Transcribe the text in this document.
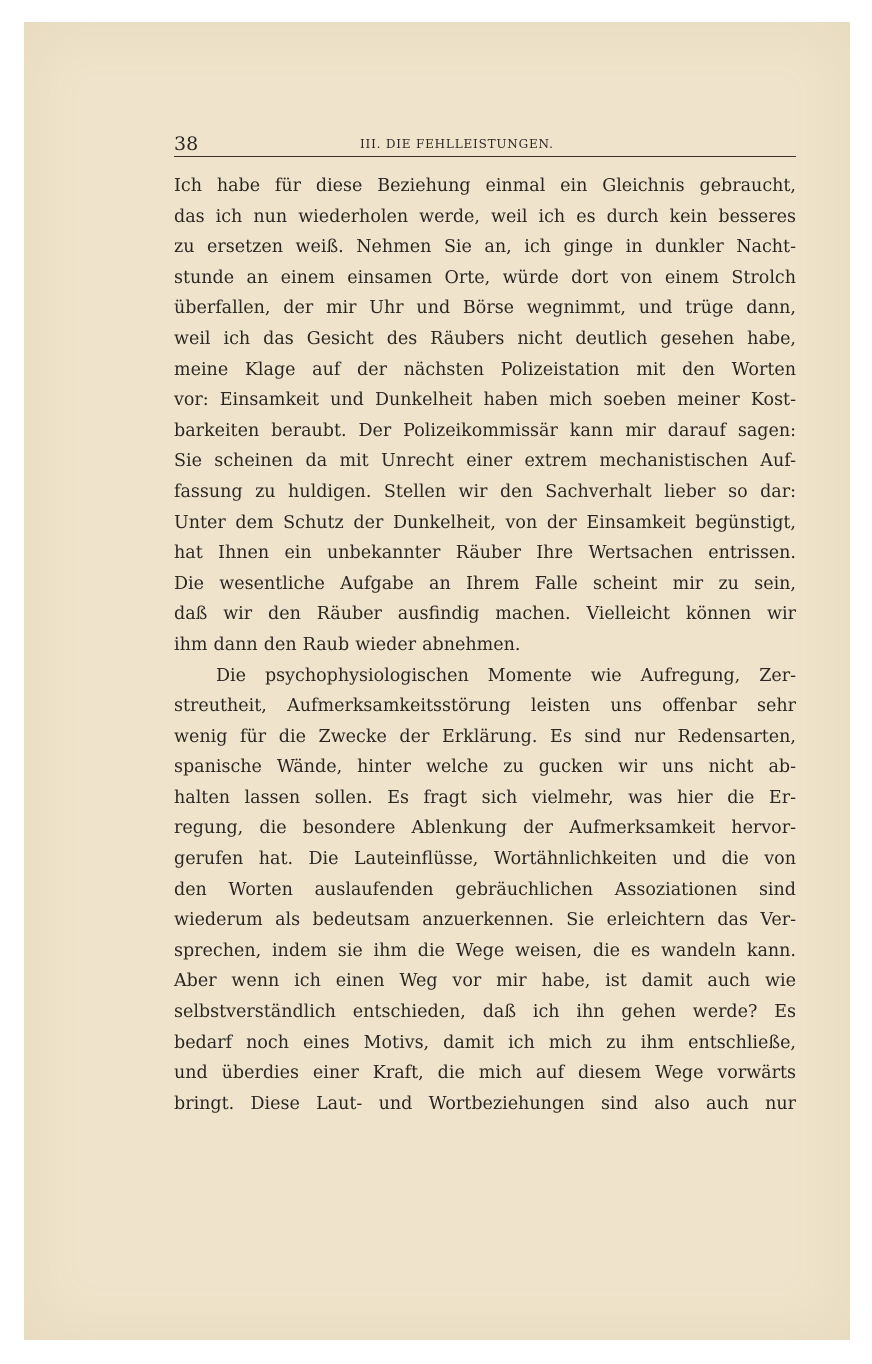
38	III. DIE FEHLLEISTUNGEN.
Ich habe für diese Beziehung einmal ein Gleichnis gebraucht,
das ich nun wiederholen werde, weil ich es durch kein besseres
zu ersetzen weiß. Nehmen Sie an, ich ginge in dunkler Nacht-
stunde an einem einsamen Orte, würde dort von einem Strolch
überfallen, der mir Uhr und Börse wegnimmt, und trüge dann,
weil ich das Gesicht des Räubers nicht deutlich gesehen habe,
meine Klage auf der nächsten Polizeistation mit den Worten
vor: Einsamkeit und Dunkelheit haben mich soeben meiner Kost-
barkeiten beraubt. Der Polizeikommissär kann mir darauf sagen:
Sie scheinen da mit Unrecht einer extrem mechanistischen Auf-
fassung zu huldigen. Stellen wir den Sachverhalt lieber so dar:
Unter dem Schutz der Dunkelheit, von der Einsamkeit begünstigt,
hat Ihnen ein unbekannter Räuber Ihre Wertsachen entrissen.
Die wesentliche Aufgabe an Ihrem Falle scheint mir zu sein,
daß wir den Räuber ausfindig machen. Vielleicht können wir
ihm dann den Raub wieder abnehmen.
Die psychophysiologischen Momente wie Aufregung, Zer-
streutheit, Aufmerksamkeitsstörung leisten uns offenbar sehr
wenig für die Zwecke der Erklärung. Es sind nur Redensarten,
spanische Wände, hinter welche zu gucken wir uns nicht ab-
halten lassen sollen. Es fragt sich vielmehr, was hier die Er-
regung, die besondere Ablenkung der Aufmerksamkeit hervor-
gerufen hat. Die Lauteinflüsse, Wortähnlichkeiten und die von
den Worten auslaufenden gebräuchlichen Assoziationen sind
wiederum als bedeutsam anzuerkennen. Sie erleichtern das Ver-
sprechen, indem sie ihm die Wege weisen, die es wandeln kann.
Aber wenn ich einen Weg vor mir habe, ist damit auch wie
selbstverständlich entschieden, daß ich ihn gehen werde? Es
bedarf noch eines Motivs, damit ich mich zu ihm entschließe,
und überdies einer Kraft, die mich auf diesem Wege vorwärts
bringt. Diese Laut- und Wortbeziehungen sind also auch nur
